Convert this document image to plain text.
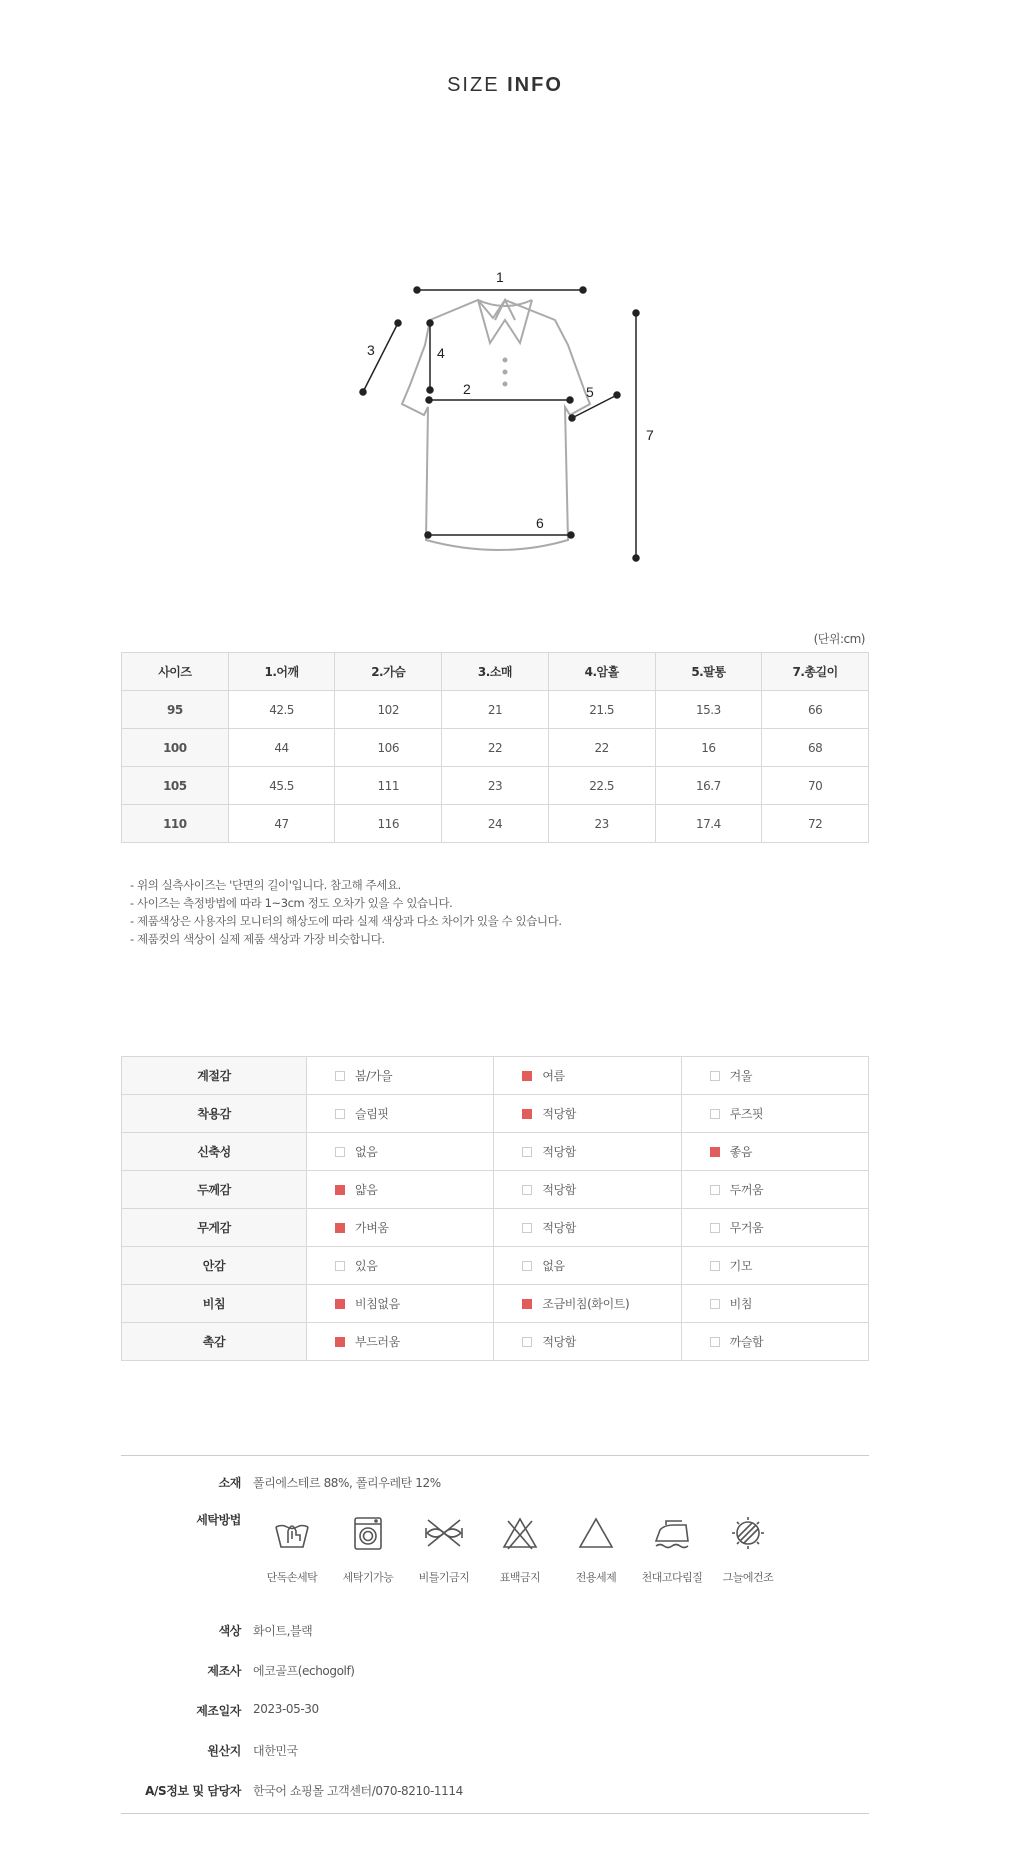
SIZE INFO
1
2
3	4
5
6
7
(단위:cm)
사이즈	1.어깨	2.가슴	3.소매	4.암홀	5.팔통	7.총길이
95	42.5	102	21	21.5	15.3	66
100	44	106	22	22	16	68
105	45.5	111	23	22.5	16.7	70
110	47	116	24	23	17.4	72
- 위의 실측사이즈는 '단면의 길이'입니다. 참고해 주세요.
- 사이즈는 측정방법에 따라 1~3cm 정도 오차가 있을 수 있습니다.
- 제품색상은 사용자의 모니터의 해상도에 따라 실제 색상과 다소 차이가 있을 수 있습니다.
- 제품컷의 색상이 실제 제품 색상과 가장 비슷합니다.
계절감	봄/가을	여름	겨울

착용감	슬림핏	적당함	루즈핏

신축성	없음	적당함	좋음

두께감	얇음	적당함	두꺼움

무게감	가벼움	적당함	무거움

안감	있음	없음	기모

비침	비침없음	조금비침(화이트)	비침

촉감	부드러움	적당함	까슬함
소재 폴리에스테르 88%, 폴리우레탄 12%
세탁방법
색상 화이트,블랙
제조사 에코골프(echogolf)
제조일자 2023-05-30
원산지 대한민국
A/S정보 및 담당자 한국어 쇼핑몰 고객센터/070-8210-1114
단독손세탁	세탁기가능	비틀기금지	표백금지	전용세제	천대고다림질	그늘에건조
